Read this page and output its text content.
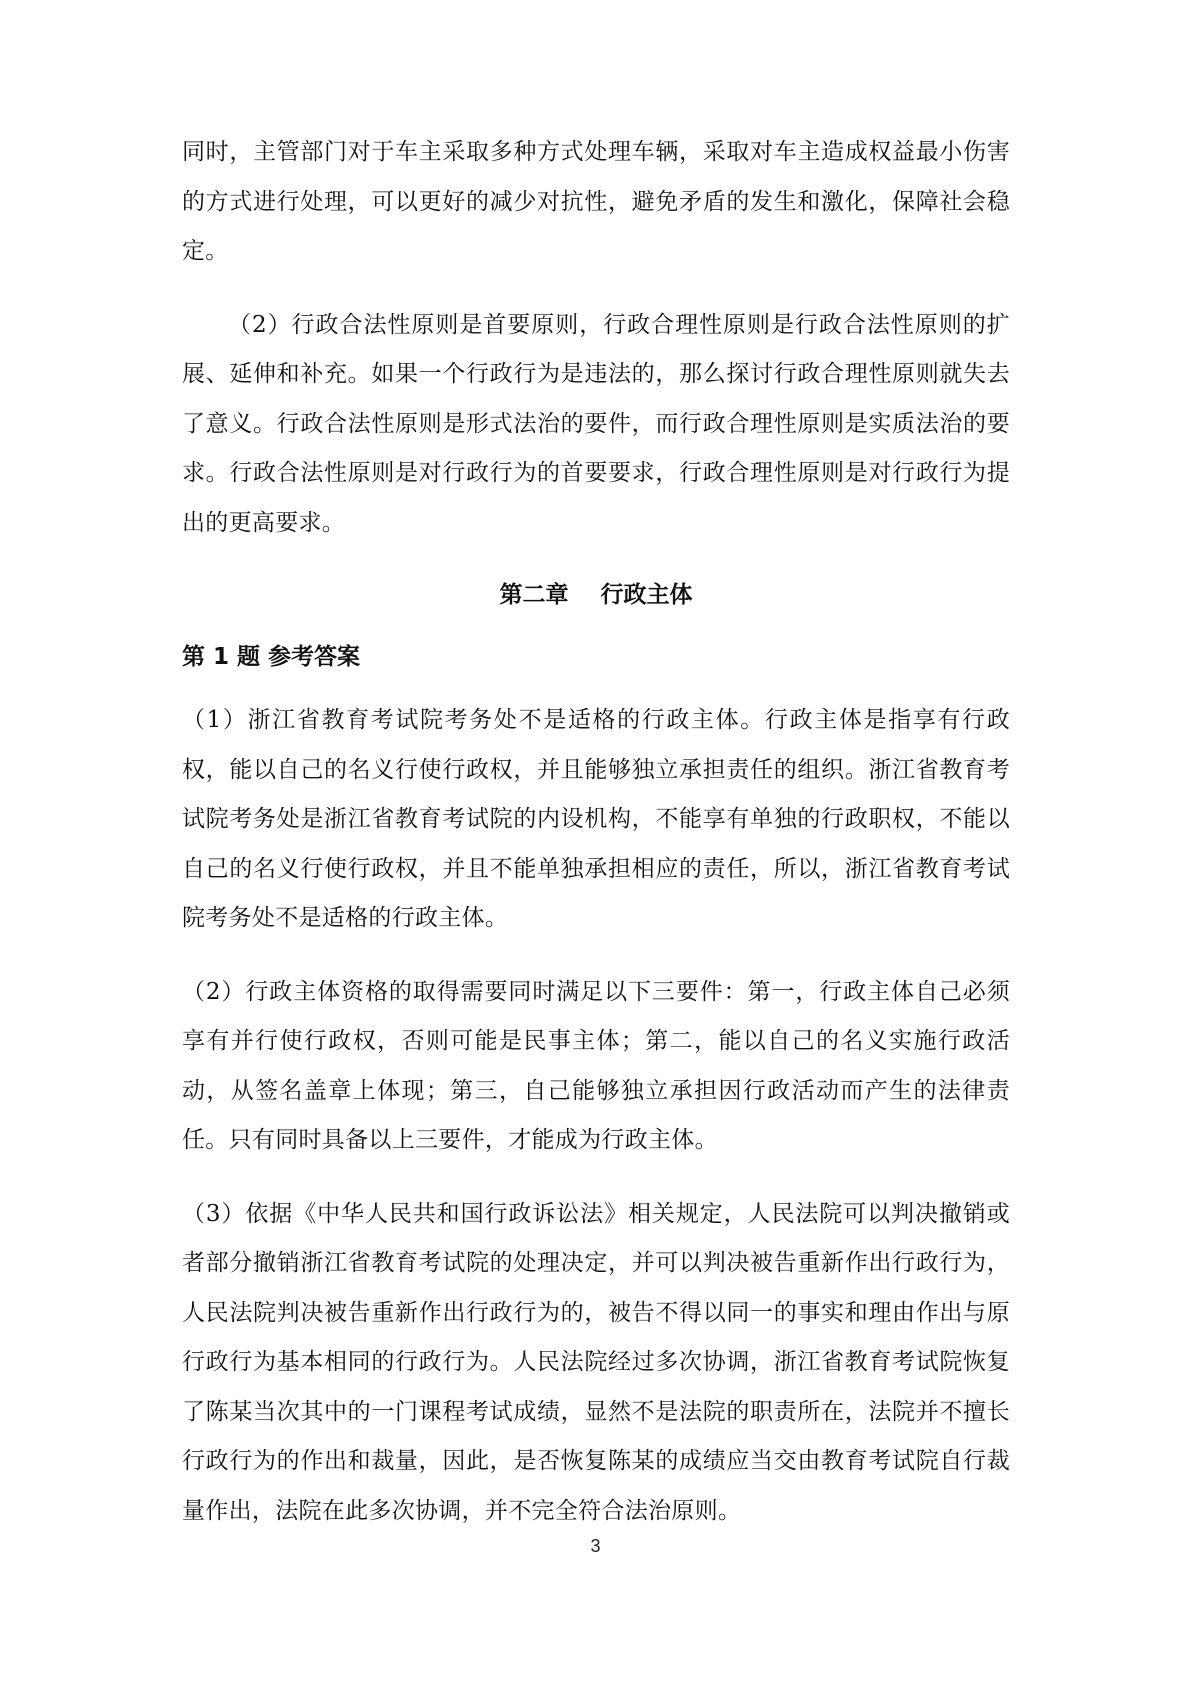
同时，主管部门对于车主采取多种方式处理车辆，采取对车主造成权益最小伤害的方式进行处理，可以更好的减少对抗性，避免矛盾的发生和激化，保障社会稳定。

（2）行政合法性原则是首要原则，行政合理性原则是行政合法性原则的扩展、延伸和补充。如果一个行政行为是违法的，那么探讨行政合理性原则就失去了意义。行政合法性原则是形式法治的要件，而行政合理性原则是实质法治的要求。行政合法性原则是对行政行为的首要要求，行政合理性原则是对行政行为提出的更高要求。

第二章    行政主体
第 1 题 参考答案

（1）浙江省教育考试院考务处不是适格的行政主体。行政主体是指享有行政权，能以自己的名义行使行政权，并且能够独立承担责任的组织。浙江省教育考试院考务处是浙江省教育考试院的内设机构，不能享有单独的行政职权，不能以自己的名义行使行政权，并且不能单独承担相应的责任，所以，浙江省教育考试院考务处不是适格的行政主体。

（2）行政主体资格的取得需要同时满足以下三要件：第一，行政主体自己必须享有并行使行政权，否则可能是民事主体；第二，能以自己的名义实施行政活动，从签名盖章上体现；第三，自己能够独立承担因行政活动而产生的法律责任。只有同时具备以上三要件，才能成为行政主体。

（3）依据《中华人民共和国行政诉讼法》相关规定，人民法院可以判决撤销或者部分撤销浙江省教育考试院的处理决定，并可以判决被告重新作出行政行为，人民法院判决被告重新作出行政行为的，被告不得以同一的事实和理由作出与原行政行为基本相同的行政行为。人民法院经过多次协调，浙江省教育考试院恢复了陈某当次其中的一门课程考试成绩，显然不是法院的职责所在，法院并不擅长行政行为的作出和裁量，因此，是否恢复陈某的成绩应当交由教育考试院自行裁量作出，法院在此多次协调，并不完全符合法治原则。

3
